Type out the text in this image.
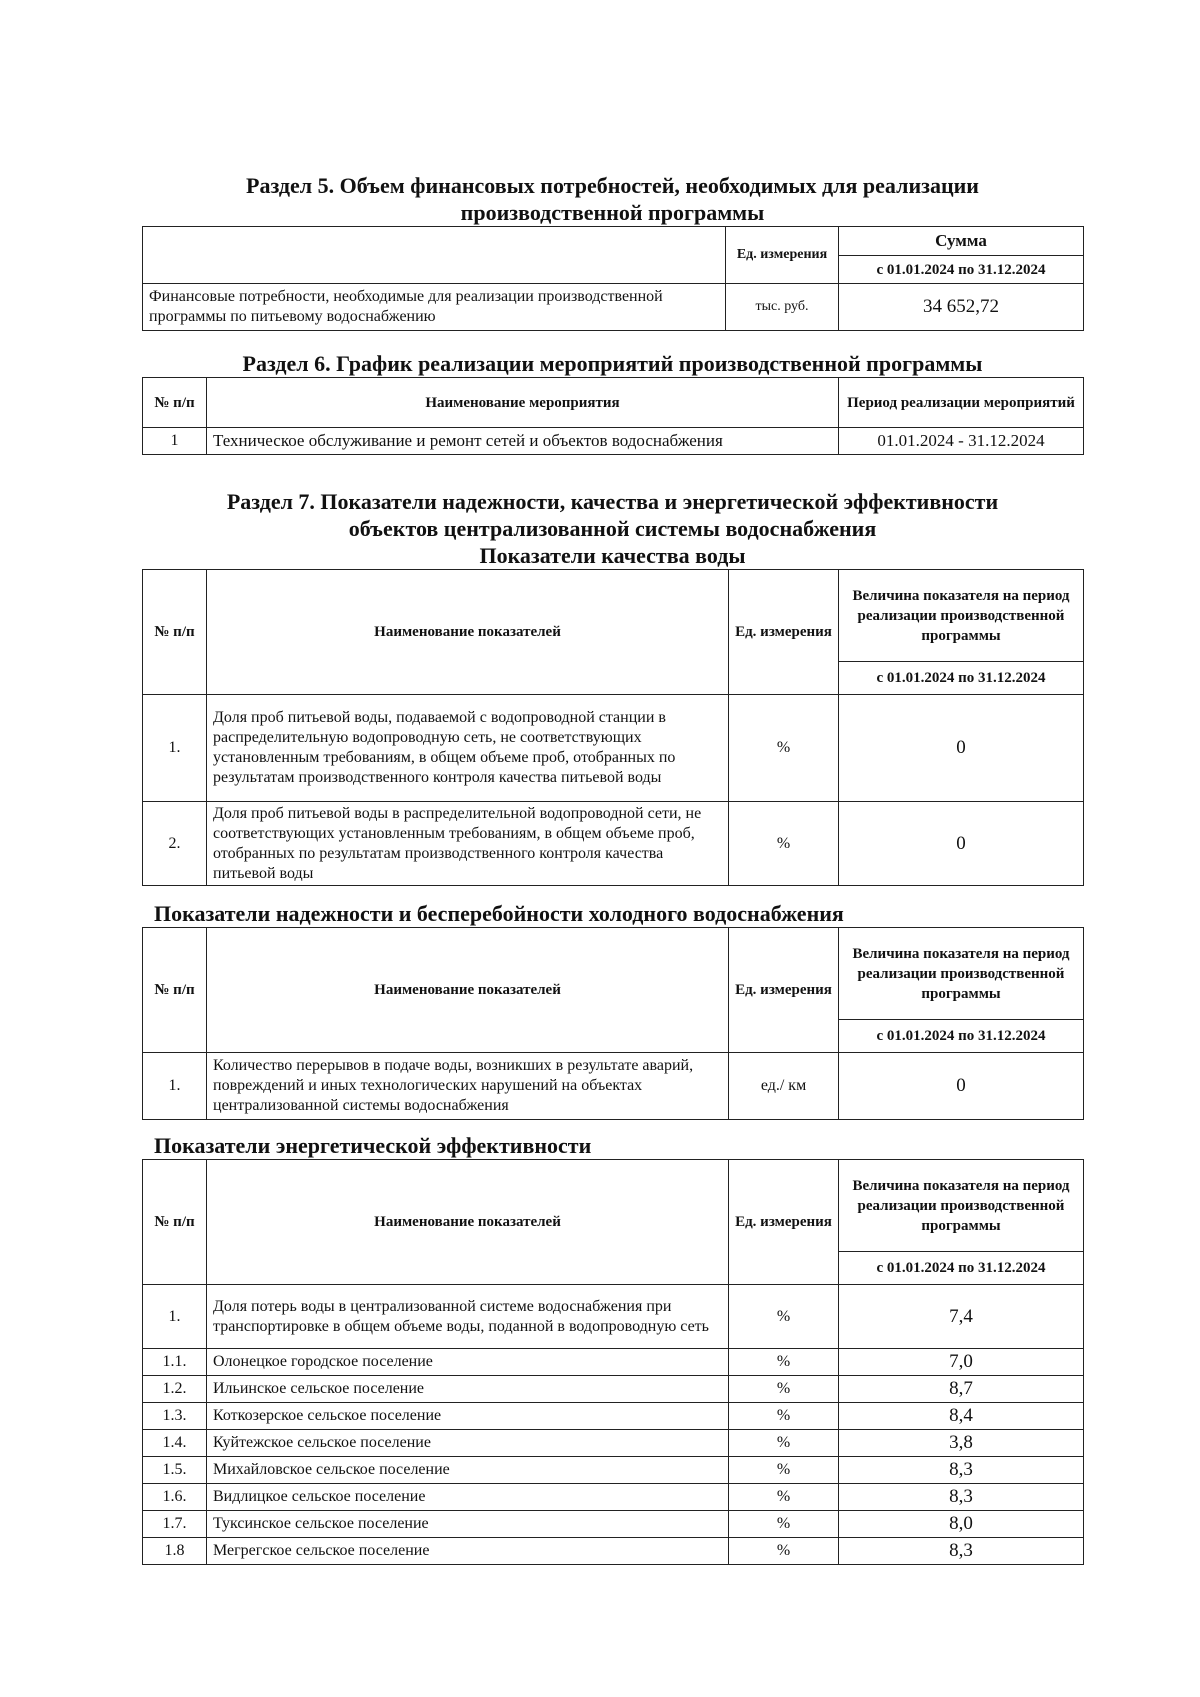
Раздел 5. Объем финансовых потребностей, необходимых для реализации
производственной программы
	Ед. измерения	Сумма
		с 01.01.2024 по 31.12.2024
Финансовые потребности, необходимые для реализации производственной программы по питьевому водоснабжению	тыс. руб.	34 652,72
Раздел 6. График реализации мероприятий производственной программы
№ п/п	Наименование мероприятия	Период реализации мероприятий
1	Техническое обслуживание и ремонт сетей и объектов водоснабжения	01.01.2024 - 31.12.2024
Раздел 7. Показатели надежности, качества и энергетической эффективности
объектов централизованной системы водоснабжения
Показатели качества воды
№ п/п	Наименование показателей	Ед. измерения	Величина показателя на период реализации производственной программы
			с 01.01.2024 по 31.12.2024
1.	Доля проб питьевой воды, подаваемой с водопроводной станции в распределительную водопроводную сеть, не соответствующих установленным требованиям, в общем объеме проб, отобранных по результатам производственного контроля качества питьевой воды	%	0
2.	Доля проб питьевой воды в распределительной водопроводной сети, не соответствующих установленным требованиям, в общем объеме проб, отобранных по результатам производственного контроля качества питьевой воды	%	0
Показатели надежности и бесперебойности холодного водоснабжения
№ п/п	Наименование показателей	Ед. измерения	Величина показателя на период реализации производственной программы
			с 01.01.2024 по 31.12.2024
1.	Количество перерывов в подаче воды, возникших в результате аварий, повреждений и иных технологических нарушений на объектах централизованной системы водоснабжения	ед./ км	0
Показатели энергетической эффективности
№ п/п	Наименование показателей	Ед. измерения	Величина показателя на период реализации производственной программы
			с 01.01.2024 по 31.12.2024
1.	Доля потерь воды в централизованной системе водоснабжения при транспортировке в общем объеме воды, поданной в водопроводную сеть	%	7,4
1.1.	Олонецкое городское поселение	%	7,0
1.2.	Ильинское сельское поселение	%	8,7
1.3.	Коткозерское сельское поселение	%	8,4
1.4.	Куйтежское сельское поселение	%	3,8
1.5.	Михайловское сельское поселение	%	8,3
1.6.	Видлицкое сельское поселение	%	8,3
1.7.	Туксинское сельское поселение	%	8,0
1.8	Мегрегское сельское поселение	%	8,3
